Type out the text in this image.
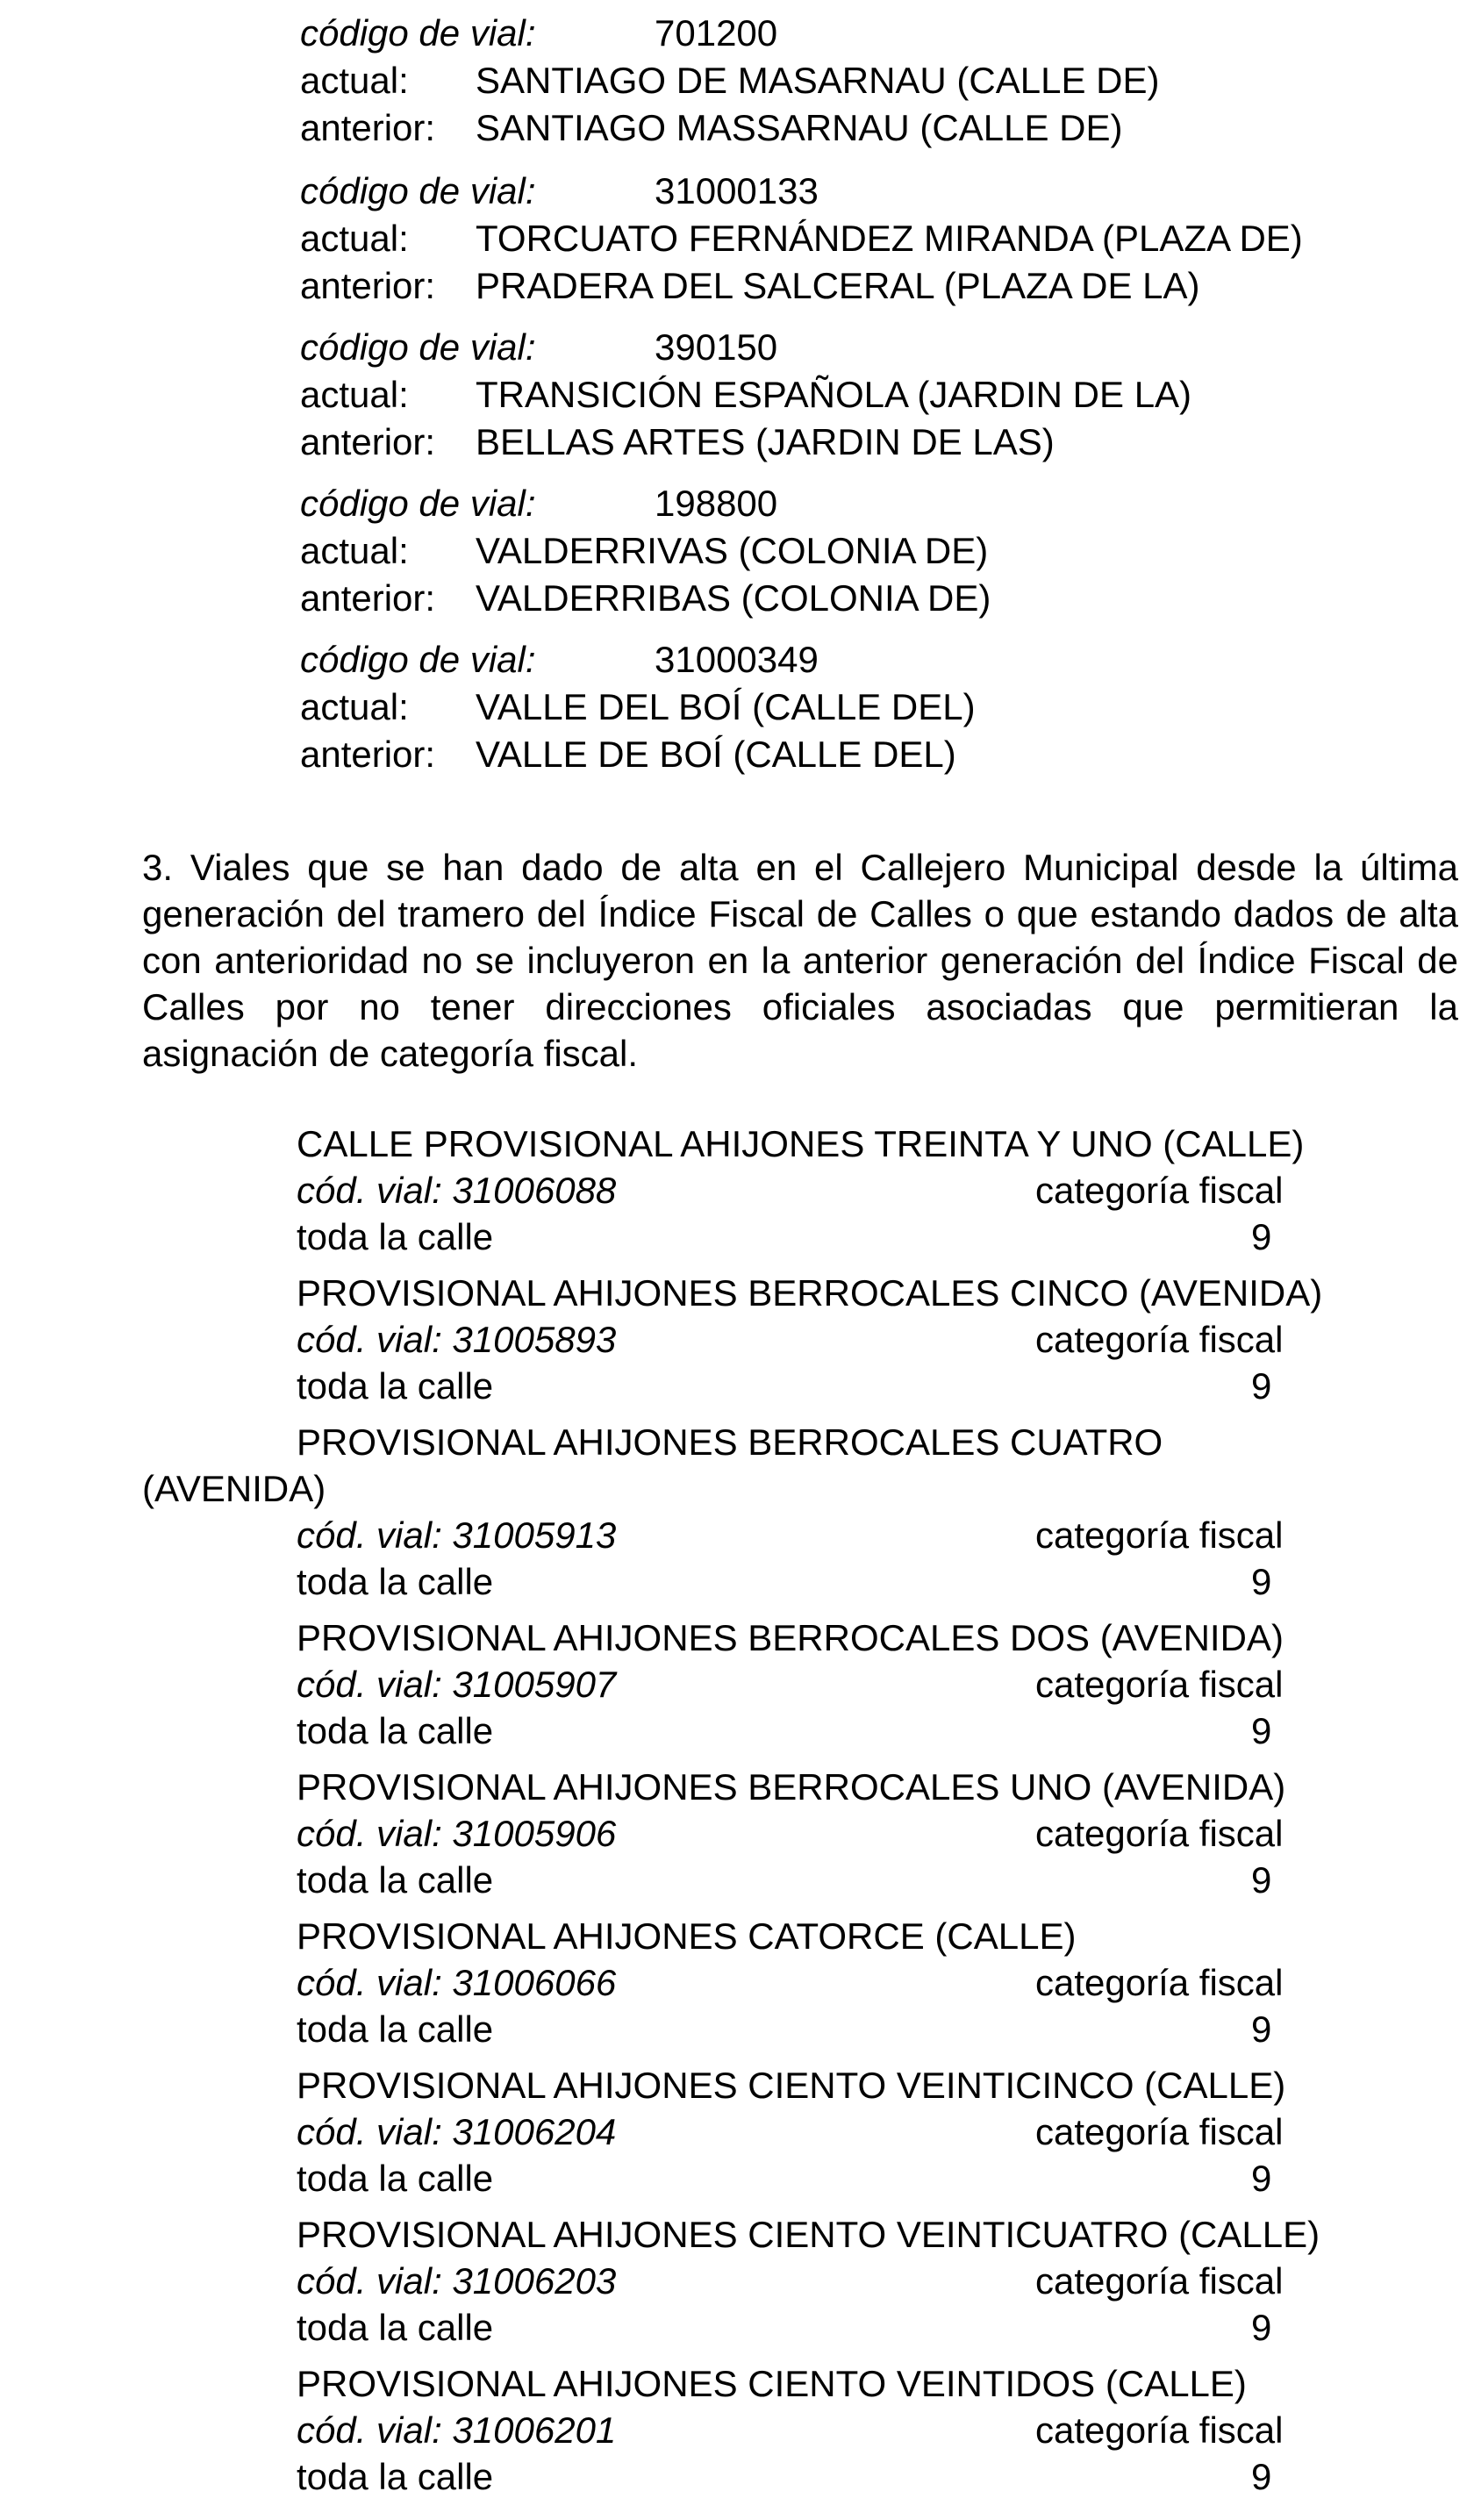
código de vial:	701200
actual: SANTIAGO DE MASARNAU (CALLE DE)
anterior: SANTIAGO MASSARNAU (CALLE DE)
código de vial:	31000133
actual: TORCUATO FERNÁNDEZ MIRANDA (PLAZA DE)
anterior: PRADERA DEL SALCERAL (PLAZA DE LA)
código de vial:	390150
actual: TRANSICIÓN ESPAÑOLA (JARDIN DE LA)
anterior: BELLAS ARTES (JARDIN DE LAS)
código de vial:	198800
actual: VALDERRIVAS (COLONIA DE)
anterior: VALDERRIBAS (COLONIA DE)
código de vial:	31000349
actual: VALLE DEL BOÍ (CALLE DEL)
anterior: VALLE DE BOÍ (CALLE DEL)
3. Viales que se han dado de alta en el Callejero Municipal desde la última generación del tramero del Índice Fiscal de Calles o que estando dados de alta con anterioridad no se incluyeron en la anterior generación del Índice Fiscal de Calles por no tener direcciones oficiales asociadas que permitieran la asignación de categoría fiscal.
CALLE PROVISIONAL AHIJONES TREINTA Y UNO (CALLE)
cód. vial: 31006088	categoría fiscal
toda la calle	9
PROVISIONAL AHIJONES BERROCALES CINCO (AVENIDA)
cód. vial: 31005893	categoría fiscal
toda la calle	9
PROVISIONAL AHIJONES BERROCALES CUATRO
(AVENIDA)
cód. vial: 31005913	categoría fiscal
toda la calle	9
PROVISIONAL AHIJONES BERROCALES DOS (AVENIDA)
cód. vial: 31005907	categoría fiscal
toda la calle	9
PROVISIONAL AHIJONES BERROCALES UNO (AVENIDA)
cód. vial: 31005906	categoría fiscal
toda la calle	9
PROVISIONAL AHIJONES CATORCE (CALLE)
cód. vial: 31006066	categoría fiscal
toda la calle	9
PROVISIONAL AHIJONES CIENTO VEINTICINCO (CALLE)
cód. vial: 31006204	categoría fiscal
toda la calle	9
PROVISIONAL AHIJONES CIENTO VEINTICUATRO (CALLE)
cód. vial: 31006203	categoría fiscal
toda la calle	9
PROVISIONAL AHIJONES CIENTO VEINTIDOS (CALLE)
cód. vial: 31006201	categoría fiscal
toda la calle	9
